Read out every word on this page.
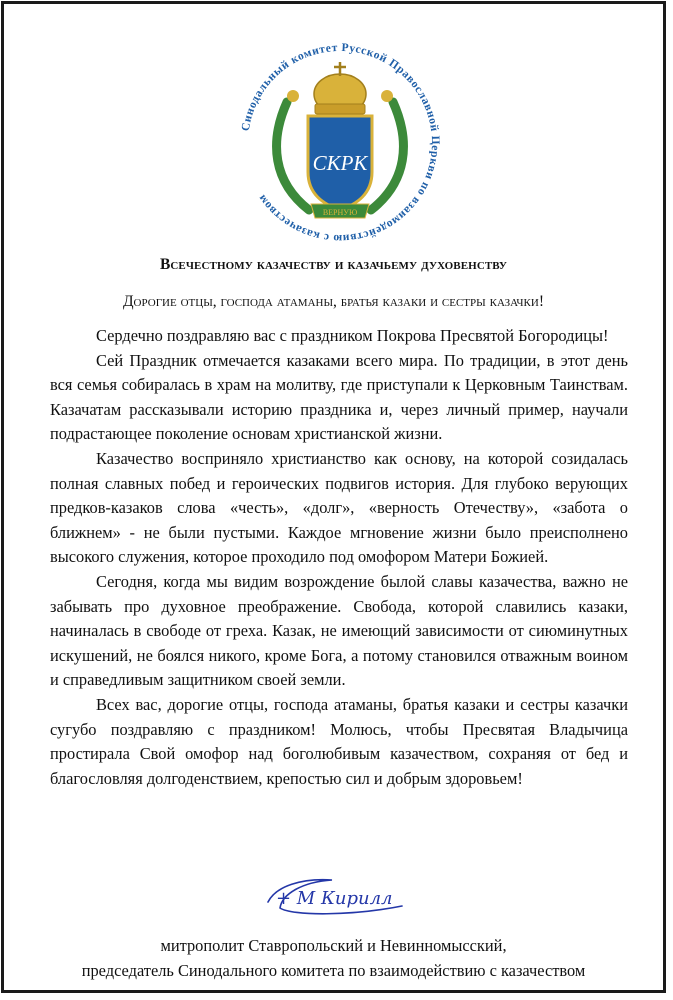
Синодальный комитет Русской Православной Церкви по взаимодействию с казачеством
СКРК
ВЕРНУЮ
Всечестному казачеству и казачьему духовенству
Дорогие отцы, господа атаманы, братья казаки и сестры казачки!

Сердечно поздравляю вас с праздником Покрова Пресвятой Богородицы!

Сей Праздник отмечается казаками всего мира. По традиции, в этот день вся семья собиралась в храм на молитву, где приступали к Церковным Таинствам. Казачатам рассказывали историю праздника и, через личный пример, научали подрастающее поколение основам христианской жизни.

Казачество восприняло христианство как основу, на которой созидалась полная славных побед и героических подвигов история. Для глубоко верующих предков-казаков слова «честь», «долг», «верность Отечеству», «забота о ближнем» - не были пустыми. Каждое мгновение жизни было преисполнено высокого служения, которое проходило под омофором Матери Божией.

Сегодня, когда мы видим возрождение былой славы казачества, важно не забывать про духовное преображение. Свобода, которой славились казаки, начиналась в свободе от греха. Казак, не имеющий зависимости от сиюминутных искушений, не боялся никого, кроме Бога, а потому становился отважным воином и справедливым защитником своей земли.

Всех вас, дорогие отцы, господа атаманы, братья казаки и сестры казачки сугубо поздравляю с праздником! Молюсь, чтобы Пресвятая Владычица простирала Свой омофор над боголюбивым казачеством, сохраняя от бед и благословляя долгоденствием, крепостью сил и добрым здоровьем!

+ М Кирилл
митрополит Ставропольский и Невинномысский,
председатель Синодального комитета по взаимодействию с казачеством
